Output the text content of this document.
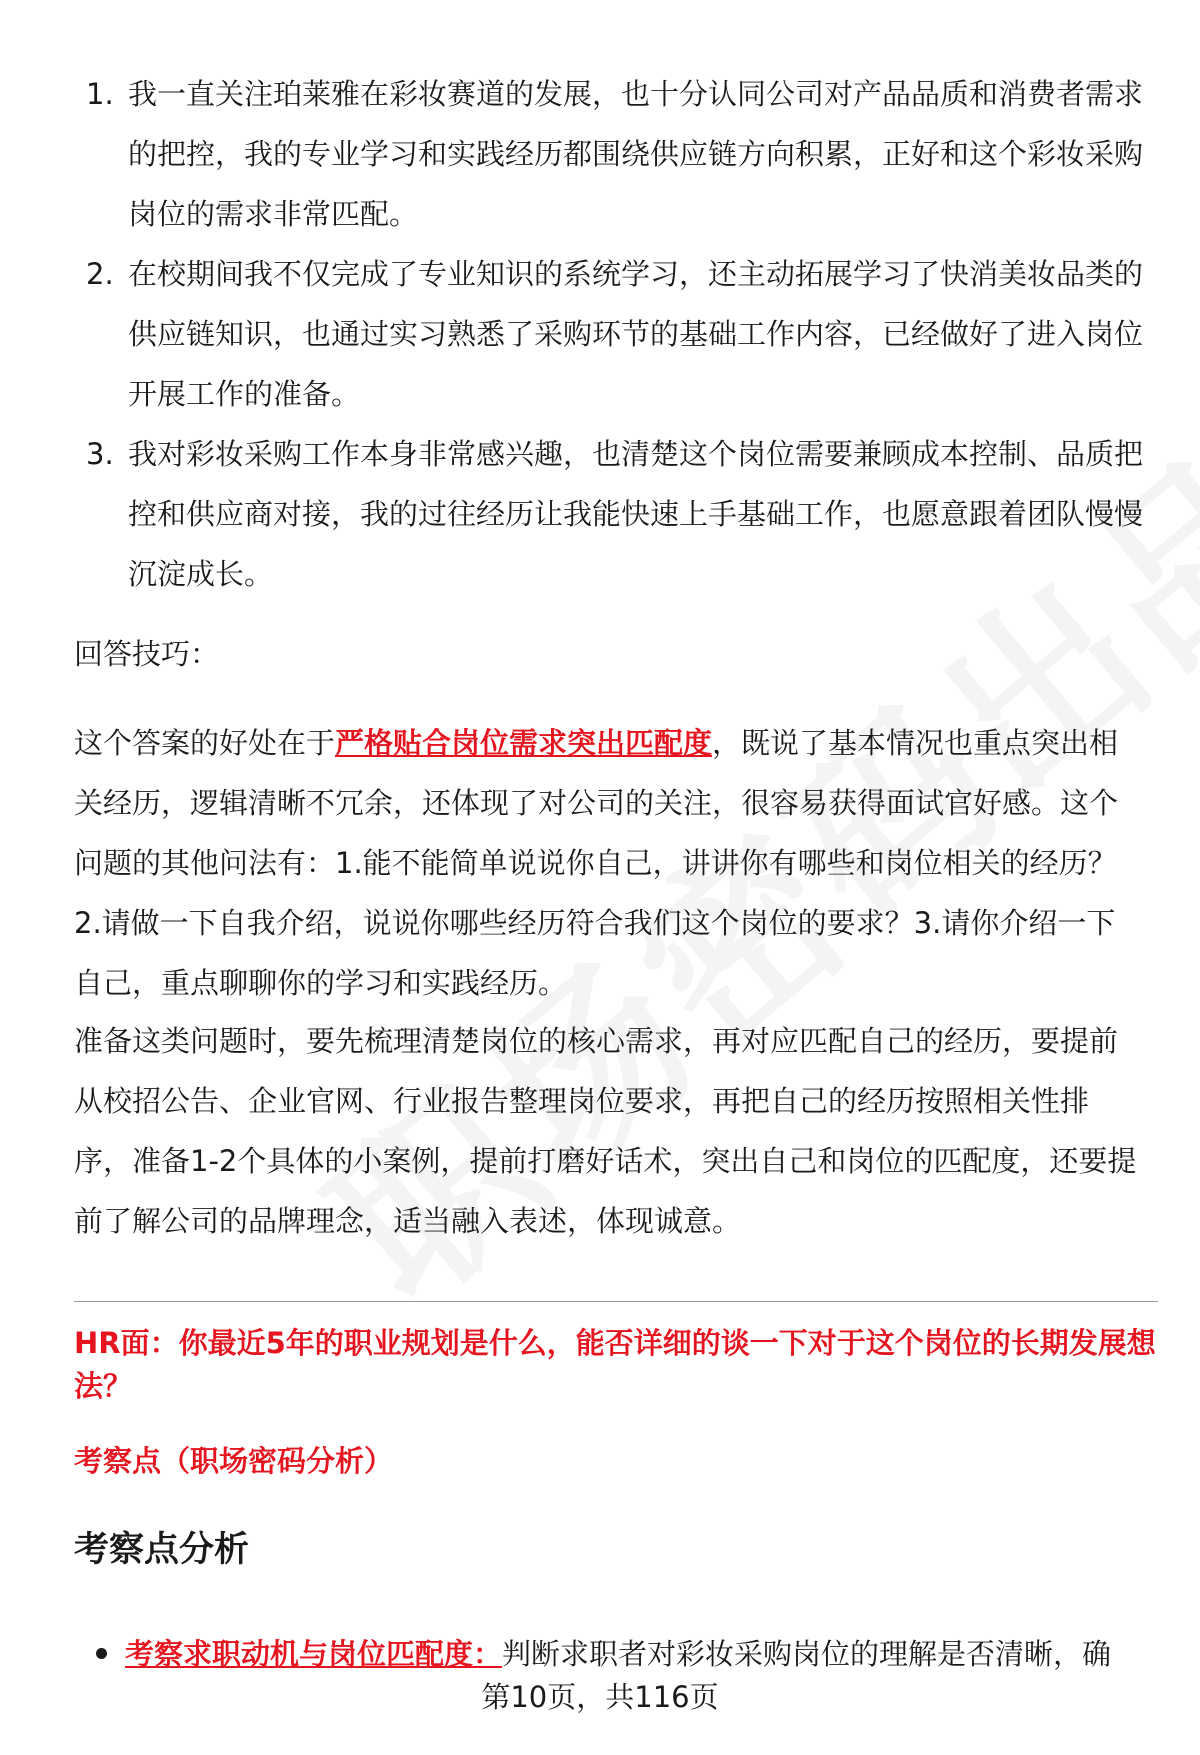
1. 我一直关注珀莱雅在彩妆赛道的发展，也十分认同公司对产品品质和消费者需求的把控，我的专业学习和实践经历都围绕供应链方向积累，正好和这个彩妆采购岗位的需求非常匹配。
2. 在校期间我不仅完成了专业知识的系统学习，还主动拓展学习了快消美妆品类的供应链知识，也通过实习熟悉了采购环节的基础工作内容，已经做好了进入岗位开展工作的准备。
3. 我对彩妆采购工作本身非常感兴趣，也清楚这个岗位需要兼顾成本控制、品质把控和供应商对接，我的过往经历让我能快速上手基础工作，也愿意跟着团队慢慢沉淀成长。
回答技巧：

这个答案的好处在于严格贴合岗位需求突出匹配度，既说了基本情况也重点突出相关经历，逻辑清晰不冗余，还体现了对公司的关注，很容易获得面试官好感。这个问题的其他问法有：1.能不能简单说说你自己，讲讲你有哪些和岗位相关的经历？2.请做一下自我介绍，说说你哪些经历符合我们这个岗位的要求？3.请你介绍一下自己，重点聊聊你的学习和实践经历。

准备这类问题时，要先梳理清楚岗位的核心需求，再对应匹配自己的经历，要提前从校招公告、企业官网、行业报告整理岗位要求，再把自己的经历按照相关性排序，准备1-2个具体的小案例，提前打磨好话术，突出自己和岗位的匹配度，还要提前了解公司的品牌理念，适当融入表述，体现诚意。

HR面：你最近5年的职业规划是什么，能否详细的谈一下对于这个岗位的长期发展想法？
考察点（职场密码分析）
考察点分析
考察求职动机与岗位匹配度：判断求职者对彩妆采购岗位的理解是否清晰，确
第10页，共116页
